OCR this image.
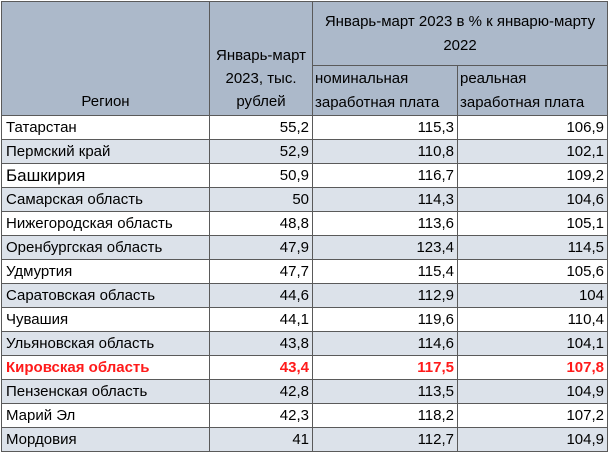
Регион	Январь-март 2023, тыс. рублей	Январь-март 2023 в % к январю-марту 2022	

		номинальная заработная плата	реальная заработная плата

Татарстан	55,2	115,3	106,9
Пермский край	52,9	110,8	102,1
Башкирия	50,9	116,7	109,2
Самарская область	50	114,3	104,6
Нижегородская область	48,8	113,6	105,1
Оренбургская область	47,9	123,4	114,5
Удмуртия	47,7	115,4	105,6
Саратовская область	44,6	112,9	104
Чувашия	44,1	119,6	110,4
Ульяновская область	43,8	114,6	104,1
Кировская область	43,4	117,5	107,8
Пензенская область	42,8	113,5	104,9
Марий Эл	42,3	118,2	107,2
Мордовия	41	112,7	104,9
